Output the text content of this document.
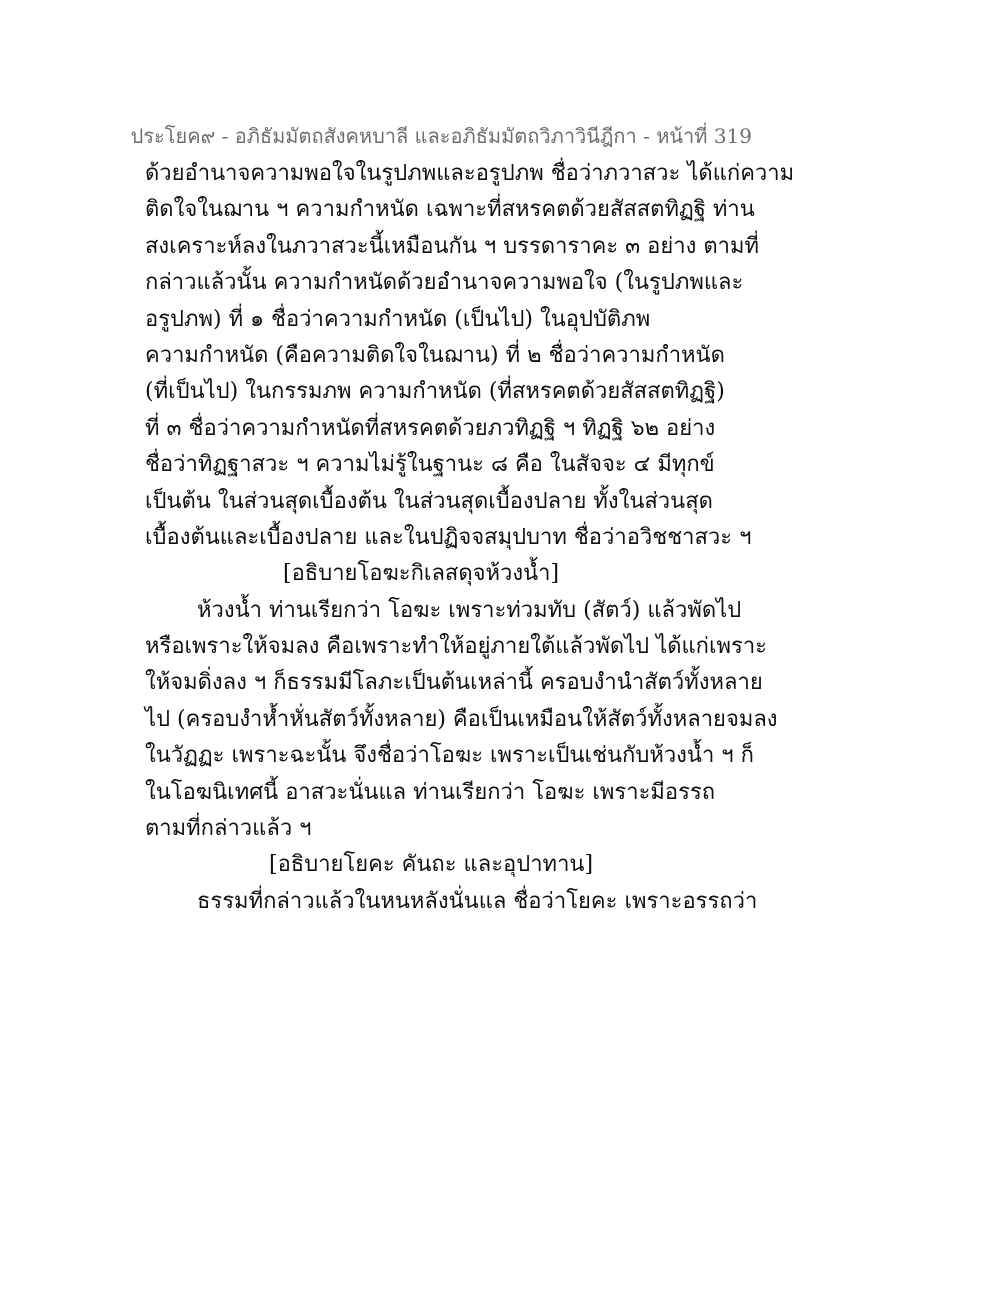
ประโยค๙ - อภิธัมมัตถสังคหบาลี และอภิธัมมัตถวิภาวินีฎีกา - หน้าที่ 319
ด้วยอำนาจความพอใจในรูปภพและอรูปภพ ชื่อว่าภวาสวะ ได้แก่ความ
ติดใจในฌาน ฯ ความกำหนัด เฉพาะที่สหรคตด้วยสัสสตทิฏฐิ ท่าน
สงเคราะห์ลงในภวาสวะนี้เหมือนกัน ฯ บรรดาราคะ ๓ อย่าง ตามที่
กล่าวแล้วนั้น ความกำหนัดด้วยอำนาจความพอใจ (ในรูปภพและ
อรูปภพ) ที่ ๑ ชื่อว่าความกำหนัด (เป็นไป) ในอุปบัติภพ
ความกำหนัด (คือความติดใจในฌาน) ที่ ๒ ชื่อว่าความกำหนัด
(ที่เป็นไป) ในกรรมภพ ความกำหนัด (ที่สหรคตด้วยสัสสตทิฏฐิ)
ที่ ๓ ชื่อว่าความกำหนัดที่สหรคตด้วยภวทิฏฐิ ฯ ทิฏฐิ ๖๒ อย่าง
ชื่อว่าทิฏฐาสวะ ฯ ความไม่รู้ในฐานะ ๘ คือ ในสัจจะ ๔ มีทุกข์
เป็นต้น ในส่วนสุดเบื้องต้น ในส่วนสุดเบื้องปลาย ทั้งในส่วนสุด
เบื้องต้นและเบื้องปลาย และในปฏิจจสมุปบาท ชื่อว่าอวิชชาสวะ ฯ
[อธิบายโอฆะกิเลสดุจห้วงน้ำ]
ห้วงน้ำ ท่านเรียกว่า โอฆะ เพราะท่วมทับ (สัตว์) แล้วพัดไป
หรือเพราะให้จมลง คือเพราะทำให้อยู่ภายใต้แล้วพัดไป ได้แก่เพราะ
ให้จมดิ่งลง ฯ ก็ธรรมมีโลภะเป็นต้นเหล่านี้ ครอบงำนำสัตว์ทั้งหลาย
ไป (ครอบงำห้ำหั่นสัตว์ทั้งหลาย) คือเป็นเหมือนให้สัตว์ทั้งหลายจมลง
ในวัฏฏะ เพราะฉะนั้น จึงชื่อว่าโอฆะ เพราะเป็นเช่นกับห้วงน้ำ ฯ ก็
ในโอฆนิเทศนี้ อาสวะนั่นแล ท่านเรียกว่า โอฆะ เพราะมีอรรถ
ตามที่กล่าวแล้ว ฯ
[อธิบายโยคะ คันถะ และอุปาทาน]
ธรรมที่กล่าวแล้วในหนหลังนั่นแล ชื่อว่าโยคะ เพราะอรรถว่า
